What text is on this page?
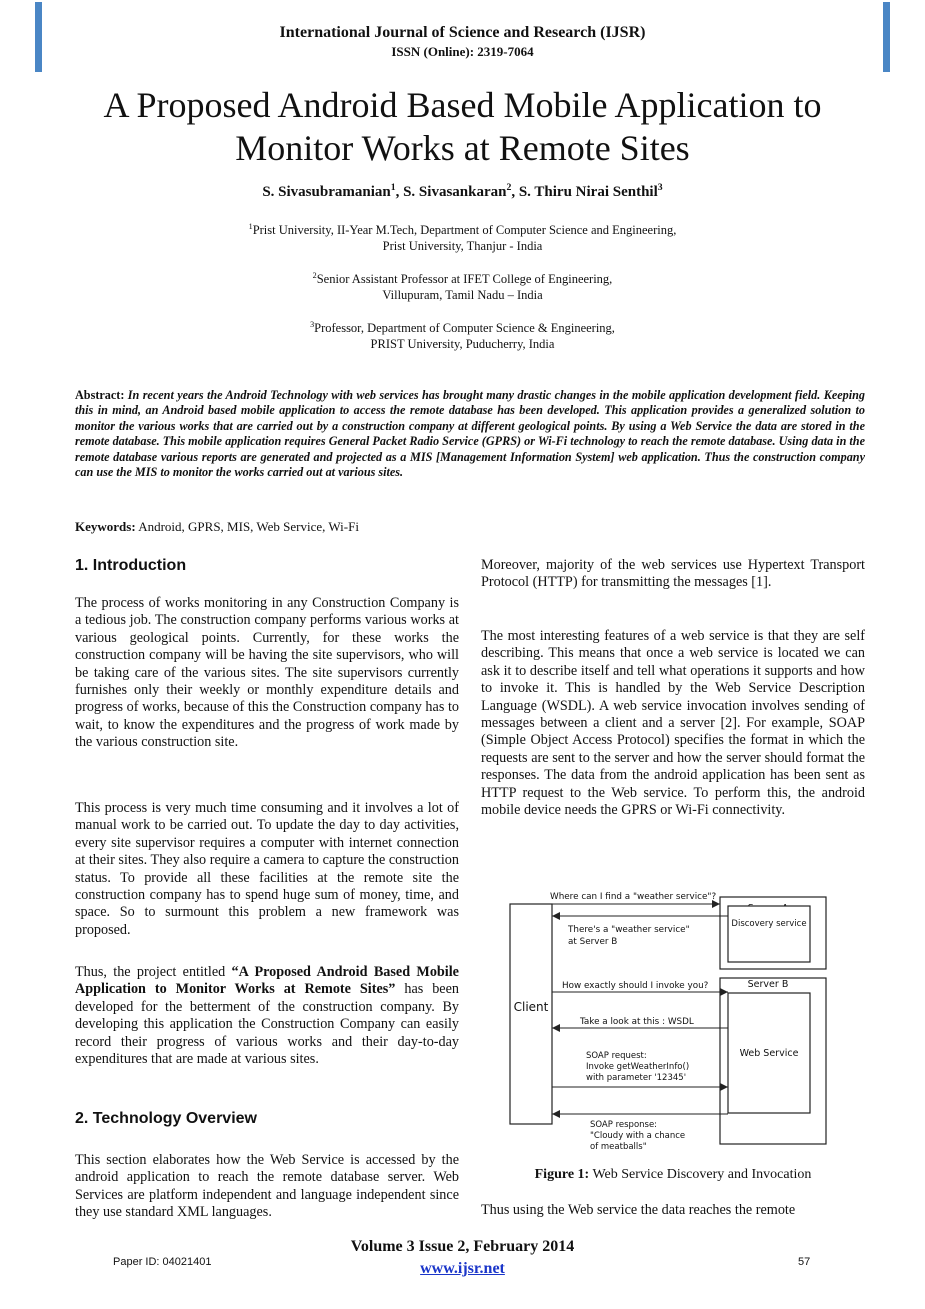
International Journal of Science and Research (IJSR)
ISSN (Online): 2319-7064
A Proposed Android Based Mobile Application to
Monitor Works at Remote Sites
S. Sivasubramanian$^1$, S. Sivasankaran$^2$, S. Thiru Nirai Senthil$^3$
$^1$Prist University, II-Year M.Tech, Department of Computer Science and Engineering,
Prist University, Thanjur - India
$^2$Senior Assistant Professor at IFET College of Engineering,
Villupuram, Tamil Nadu – India
$^3$Professor, Department of Computer Science & Engineering,
PRIST University, Puducherry, India
Abstract: In recent years the Android Technology with web services has brought many drastic changes in the mobile application development field. Keeping this in mind, an Android based mobile application to access the remote database has been developed. This application provides a generalized solution to monitor the various works that are carried out by a construction company at different geological points. By using a Web Service the data are stored in the remote database. This mobile application requires General Packet Radio Service (GPRS) or Wi-Fi technology to reach the remote database. Using data in the remote database various reports are generated and projected as a MIS [Management Information System] web application. Thus the construction company can use the MIS to monitor the works carried out at various sites.
Keywords: Android, GPRS, MIS, Web Service, Wi-Fi
1. Introduction
The process of works monitoring in any Construction Company is a tedious job. The construction company performs various works at various geological points. Currently, for these works the construction company will be having the site supervisors, who will be taking care of the various sites. The site supervisors currently furnishes only their weekly or monthly expenditure details and progress of works, because of this the Construction company has to wait, to know the expenditures and the progress of work made by the various construction site.
This process is very much time consuming and it involves a lot of manual work to be carried out. To update the day to day activities, every site supervisor requires a computer with internet connection at their sites. They also require a camera to capture the construction status. To provide all these facilities at the remote site the construction company has to spend huge sum of money, time, and space. So to surmount this problem a new framework was proposed.
Thus, the project entitled “A Proposed Android Based Mobile Application to Monitor Works at Remote Sites” has been developed for the betterment of the construction company. By developing this application the Construction Company can easily record their progress of various works and their day-to-day expenditures that are made at various sites.
2. Technology Overview
This section elaborates how the Web Service is accessed by the android application to reach the remote database server. Web Services are platform independent and language independent since they use standard XML languages.
Moreover, majority of the web services use Hypertext Transport Protocol (HTTP) for transmitting the messages [1].
The most interesting features of a web service is that they are self describing. This means that once a web service is located we can ask it to describe itself and tell what operations it supports and how to invoke it. This is handled by the Web Service Description Language (WSDL). A web service invocation involves sending of messages between a client and a server [2]. For example, SOAP (Simple Object Access Protocol) specifies the format in which the requests are sent to the server and how the server should format the responses. The data from the android application has been sent as HTTP request to the Web service. To perform this, the android mobile device needs the GPRS or Wi-Fi connectivity.
Client
Discovery service
Server B
Web Service
Where can I find a "weather service"?
There's a "weather service"
at Server B
How exactly should I invoke you?
Take a look at this : WSDL
SOAP request:
Invoke getWeatherInfo()
with parameter '12345'
SOAP response:
"Cloudy with a chance
of meatballs"
Figure 1: Web Service Discovery and Invocation
Thus using the Web service the data reaches the remote
Volume 3 Issue 2, February 2014
www.ijsr.net
Paper ID: 04021401	57
